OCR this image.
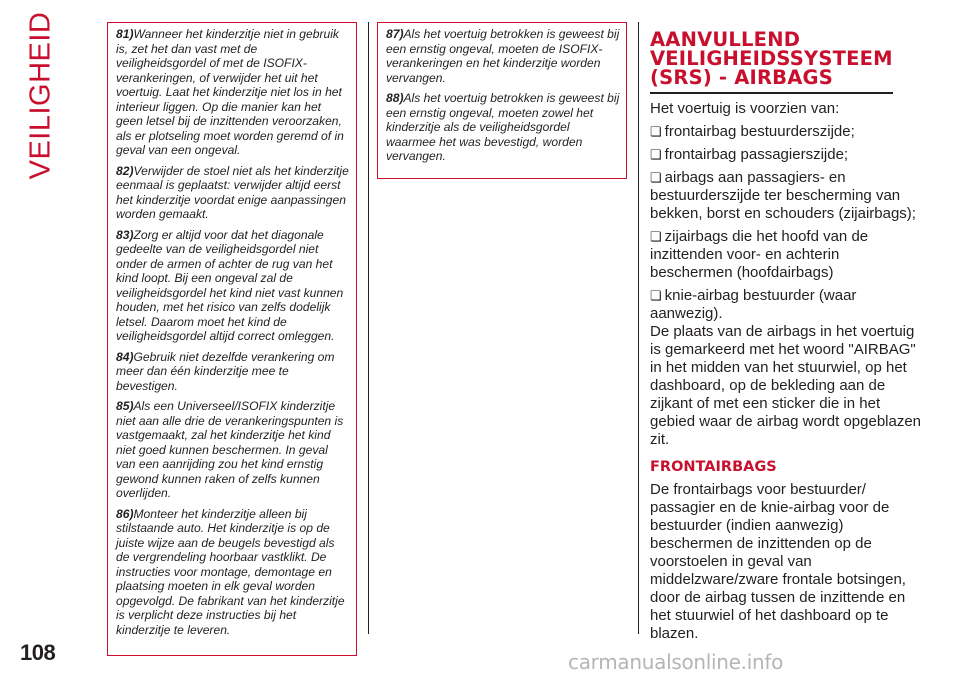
VEILIGHEID
108

81)Wanneer het kinderzitje niet in gebruik is, zet het dan vast met de veiligheidsgordel of met de ISOFIX-verankeringen, of verwijder het uit het voertuig. Laat het kinderzitje niet los in het interieur liggen. Op die manier kan het geen letsel bij de inzittenden veroorzaken, als er plotseling moet worden geremd of in geval van een ongeval.

82)Verwijder de stoel niet als het kinderzitje eenmaal is geplaatst: verwijder altijd eerst het kinderzitje voordat enige aanpassingen worden gemaakt.

83)Zorg er altijd voor dat het diagonale gedeelte van de veiligheidsgordel niet onder de armen of achter de rug van het kind loopt. Bij een ongeval zal de veiligheidsgordel het kind niet vast kunnen houden, met het risico van zelfs dodelijk letsel. Daarom moet het kind de veiligheidsgordel altijd correct omleggen.

84)Gebruik niet dezelfde verankering om meer dan één kinderzitje mee te bevestigen.

85)Als een Universeel/ISOFIX kinderzitje niet aan alle drie de verankeringspunten is vastgemaakt, zal het kinderzitje het kind niet goed kunnen beschermen. In geval van een aanrijding zou het kind ernstig gewond kunnen raken of zelfs kunnen overlijden.

86)Monteer het kinderzitje alleen bij stilstaande auto. Het kinderzitje is op de juiste wijze aan de beugels bevestigd als de vergrendeling hoorbaar vastklikt. De instructies voor montage, demontage en plaatsing moeten in elk geval worden opgevolgd. De fabrikant van het kinderzitje is verplicht deze instructies bij het kinderzitje te leveren.

87)Als het voertuig betrokken is geweest bij een ernstig ongeval, moeten de ISOFIX-verankeringen en het kinderzitje worden vervangen.

88)Als het voertuig betrokken is geweest bij een ernstig ongeval, moeten zowel het kinderzitje als de veiligheidsgordel waarmee het was bevestigd, worden vervangen.

AANVULLEND
VEILIGHEIDSSYSTEEM
(SRS) - AIRBAGS

Het voertuig is voorzien van:

❏ frontairbag bestuurderszijde;

❏ frontairbag passagierszijde;

❏ airbags aan passagiers- en bestuurderszijde ter bescherming van bekken, borst en schouders (zijairbags);

❏ zijairbags die het hoofd van de inzittenden voor- en achterin beschermen (hoofdairbags)

❏ knie-airbag bestuurder (waar aanwezig).

De plaats van de airbags in het voertuig is gemarkeerd met het woord "AIRBAG" in het midden van het stuurwiel, op het dashboard, op de bekleding aan de zijkant of met een sticker die in het gebied waar de airbag wordt opgeblazen zit.

FRONTAIRBAGS

De frontairbags voor bestuurder/ passagier en de knie-airbag voor de bestuurder (indien aanwezig) beschermen de inzittenden op de voorstoelen in geval van middelzware/zware frontale botsingen, door de airbag tussen de inzittende en het stuurwiel of het dashboard op te blazen.

carmanualsonline.info
